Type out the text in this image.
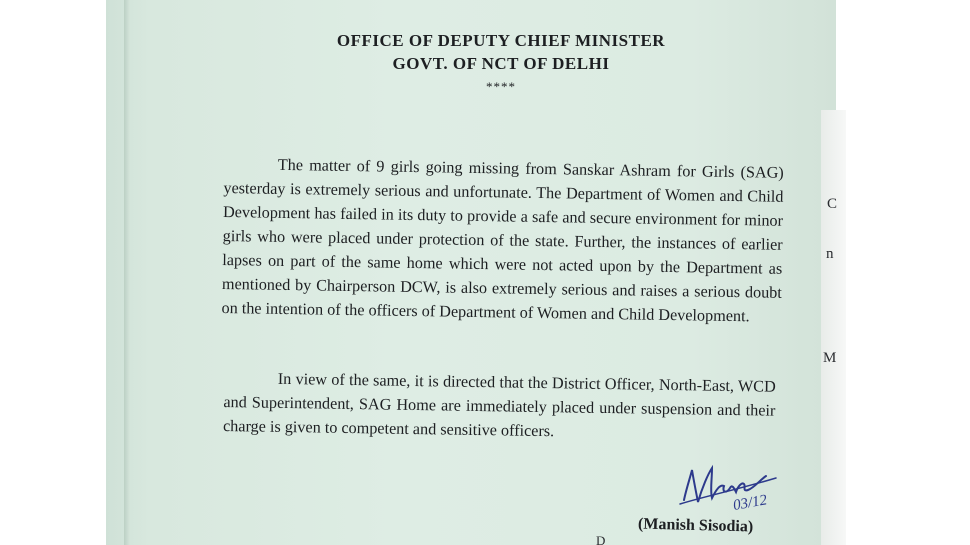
OFFICE OF DEPUTY CHIEF MINISTER
GOVT. OF NCT OF DELHI
****
The matter of 9 girls going missing from Sanskar Ashram for Girls (SAG) yesterday is extremely serious and unfortunate. The Department of Women and Child Development has failed in its duty to provide a safe and secure environment for minor girls who were placed under protection of the state. Further, the instances of earlier lapses on part of the same home which were not acted upon by the Department as mentioned by Chairperson DCW, is also extremely serious and raises a serious doubt on the intention of the officers of Department of Women and Child Development.
In view of the same, it is directed that the District Officer, North-East, WCD and Superintendent, SAG Home are immediately placed under suspension and their charge is given to competent and sensitive officers.
03/12
(Manish Sisodia)
D
C
n
M
